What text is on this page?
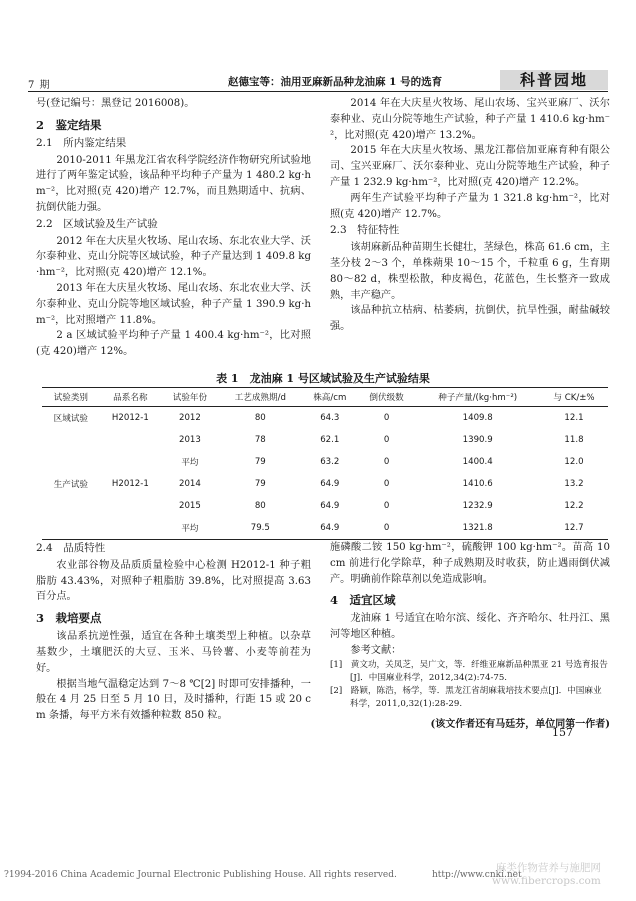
7 期	赵德宝等：油用亚麻新品种龙油麻 1 号的选育	科普园地

号(登记编号：黑登记 2016008)。

2　鉴定结果
2.1　所内鉴定结果

2010-2011 年黑龙江省农科学院经济作物研究所试验地进行了两年鉴定试验，该品种平均种子产量为 1 480.2 kg·hm⁻²，比对照(克 420)增产 12.7%，而且熟期适中、抗病、抗倒伏能力强。

2.2　区域试验及生产试验

2012 年在大庆星火牧场、尾山农场、东北农业大学、沃尔泰种业、克山分院等区域试验，种子产量达到 1 409.8 kg·hm⁻²，比对照(克 420)增产 12.1%。

2013 年在大庆星火牧场、尾山农场、东北农业大学、沃尔泰种业、克山分院等地区域试验，种子产量 1 390.9 kg·hm⁻²，比对照增产 11.8%。

2 a 区域试验平均种子产量 1 400.4 kg·hm⁻²，比对照(克 420)增产 12%。

2014 年在大庆星火牧场、尾山农场、宝兴亚麻厂、沃尔泰种业、克山分院等地生产试验，种子产量 1 410.6 kg·hm⁻²，比对照(克 420)增产 13.2%。

2015 年在大庆星火牧场、黑龙江都倍加亚麻育种有限公司、宝兴亚麻厂、沃尔泰种业、克山分院等地生产试验，种子产量 1 232.9 kg·hm⁻²，比对照(克 420)增产 12.2%。

两年生产试验平均种子产量为 1 321.8 kg·hm⁻²，比对照(克 420)增产 12.7%。

2.3　特征特性

该胡麻新品种苗期生长健壮，茎绿色，株高 61.6 cm，主茎分枝 2～3 个，单株蒴果 10～15 个，千粒重 6 g，生育期 80～82 d，株型松散，种皮褐色，花蓝色，生长整齐一致成熟，丰产稳产。

该品种抗立枯病、枯萎病，抗倒伏，抗旱性强，耐盐碱较强。

表 1　龙油麻 1 号区域试验及生产试验结果
试验类别	品系名称	试验年份	工艺成熟期/d	株高/cm	倒伏级数	种子产量/(kg·hm⁻²)	与 CK/±%
区域试验	H2012-1	2012	80	64.3	0	1409.8	12.1
		2013	78	62.1	0	1390.9	11.8
		平均	79	63.2	0	1400.4	12.0
生产试验	H2012-1	2014	79	64.9	0	1410.6	13.2
		2015	80	64.9	0	1232.9	12.2
		平均	79.5	64.9	0	1321.8	12.7
2.4　品质特性

农业部谷物及品质质量检验中心检测 H2012-1 种子粗脂肪 43.43%，对照种子粗脂肪 39.8%，比对照提高 3.63 百分点。

3　栽培要点

该品系抗逆性强，适宜在各种土壤类型上种植。以杂草基数少，土壤肥沃的大豆、玉米、马铃薯、小麦等前茬为好。

根据当地气温稳定达到 7～8 ℃[2] 时即可安排播种，一般在 4 月 25 日至 5 月 10 日，及时播种，行距 15 或 20 cm 条播，每平方米有效播种粒数 850 粒。

施磷酸二铵 150 kg·hm⁻²，硫酸钾 100 kg·hm⁻²。苗高 10 cm 前进行化学除草，种子成熟期及时收获，防止遇雨倒伏减产。明确前作除草剂以免造成影响。

4　适宜区域

龙油麻 1 号适宜在哈尔滨、绥化、齐齐哈尔、牡丹江、黑河等地区种植。

参考文献：

[1]　黄文功，关凤芝，吴广文，等．纤维亚麻新品种黑亚 21 号选育报告[J]．中国麻业科学，2012,34(2):74-75.

[2]　路颖，陈浩，杨学，等．黑龙江省胡麻栽培技术要点[J]．中国麻业科学，2011,0,32(1):28-29.

(该文作者还有马廷芬，单位同第一作者)
157
?1994-2016 China Academic Journal Electronic Publishing House. All rights reserved.	http://www.cnki.net
麻类作物营养与施肥网
www.fibercrops.com
